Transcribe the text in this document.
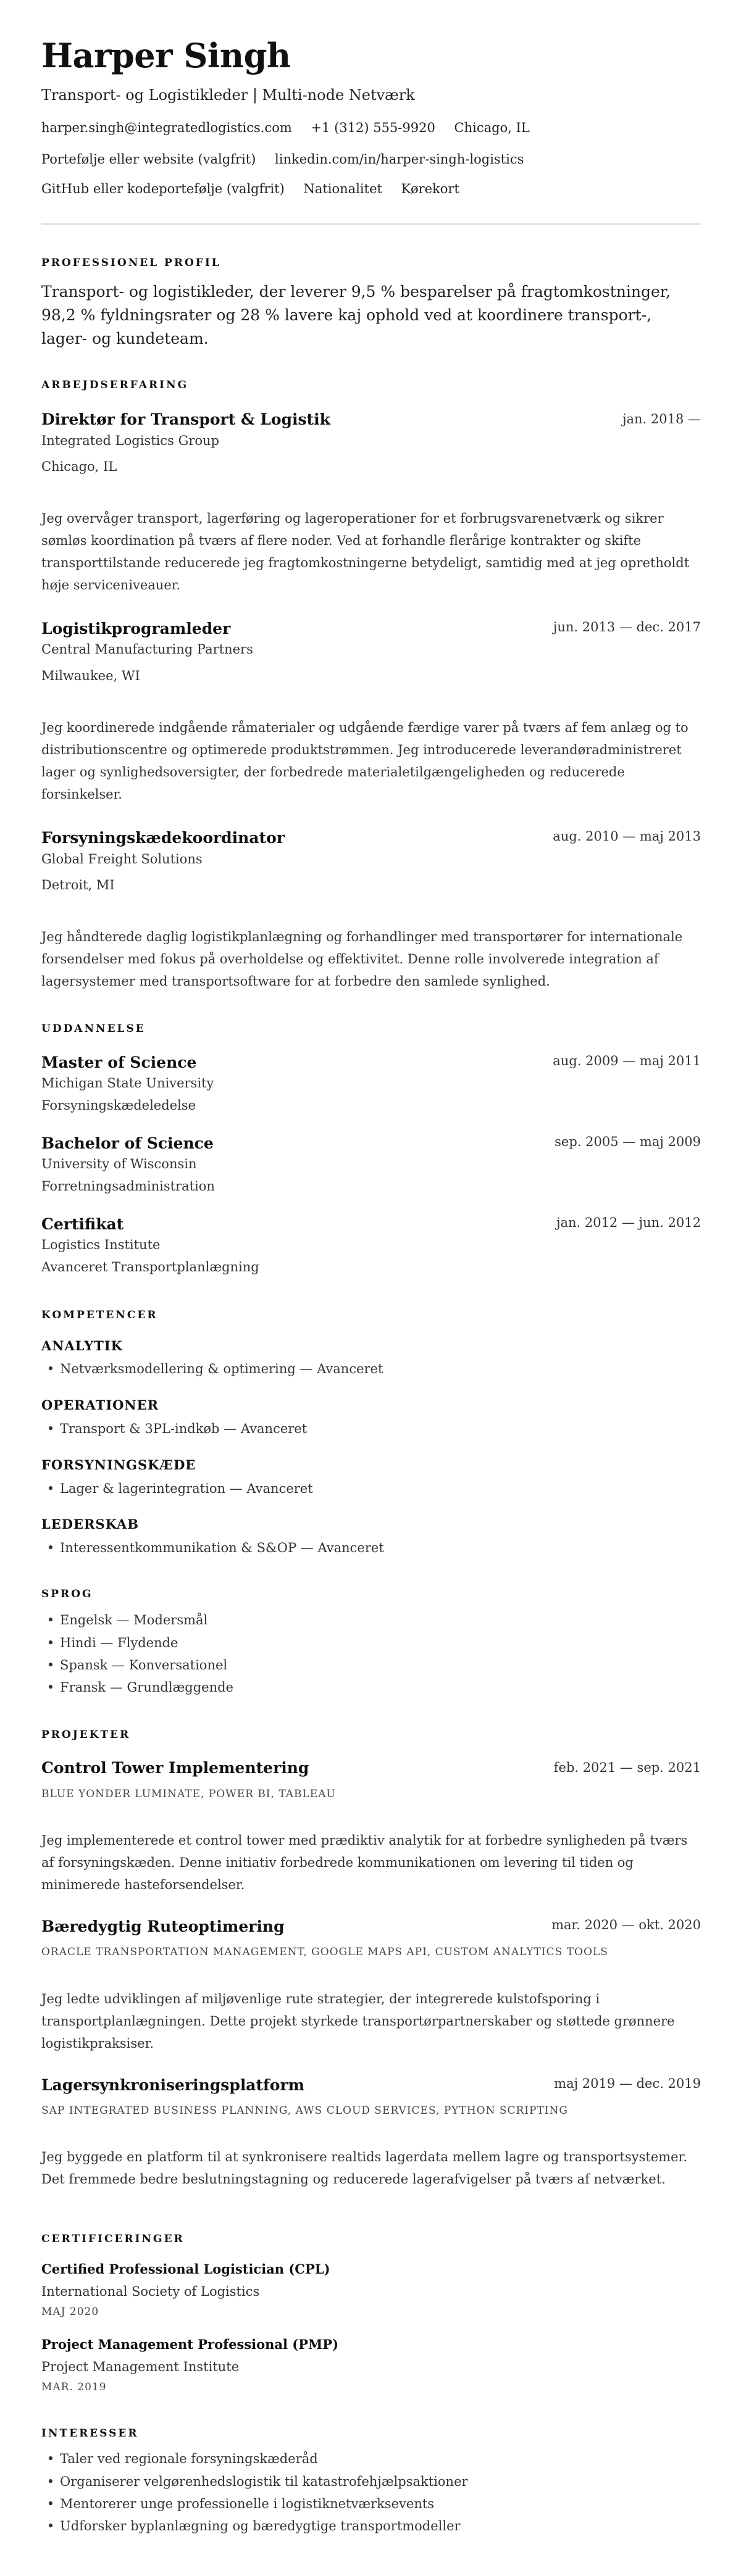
Harper Singh
Transport- og Logistikleder | Multi-node Netværk
harper.singh@integratedlogistics.com +1 (312) 555-9920 Chicago, IL
Portefølje eller website (valgfrit) linkedin.com/in/harper-singh-logistics
GitHub eller kodeportefølje (valgfrit) Nationalitet Kørekort
PROFESSIONEL PROFIL
Transport- og logistikleder, der leverer 9,5 % besparelser på fragtomkostninger, 98,2 % fyldningsrater og 28 % lavere kaj ophold ved at koordinere transport-, lager- og kundeteam.
ARBEJDSERFARING
Direktør for Transport & Logistik	jan. 2018 —
Integrated Logistics Group
Chicago, IL
Jeg overvåger transport, lagerføring og lageroperationer for et forbrugsvarenetværk og sikrer sømløs koordination på tværs af flere noder. Ved at forhandle flerårige kontrakter og skifte transporttilstande reducerede jeg fragtomkostningerne betydeligt, samtidig med at jeg opretholdt høje serviceniveauer.
Logistikprogramleder	jun. 2013 — dec. 2017
Central Manufacturing Partners
Milwaukee, WI
Jeg koordinerede indgående råmaterialer og udgående færdige varer på tværs af fem anlæg og to distributionscentre og optimerede produktstrømmen. Jeg introducerede leverandøradministreret lager og synlighedsoversigter, der forbedrede materialetilgængeligheden og reducerede forsinkelser.
Forsyningskædekoordinator	aug. 2010 — maj 2013
Global Freight Solutions
Detroit, MI
Jeg håndterede daglig logistikplanlægning og forhandlinger med transportører for internationale forsendelser med fokus på overholdelse og effektivitet. Denne rolle involverede integration af lagersystemer med transportsoftware for at forbedre den samlede synlighed.
UDDANNELSE
Master of Science	aug. 2009 — maj 2011
Michigan State University
Forsyningskædeledelse
Bachelor of Science	sep. 2005 — maj 2009
University of Wisconsin
Forretningsadministration
Certifikat	jan. 2012 — jun. 2012
Logistics Institute
Avanceret Transportplanlægning
KOMPETENCER
ANALYTIK
• Netværksmodellering & optimering — Avanceret
OPERATIONER
• Transport & 3PL-indkøb — Avanceret
FORSYNINGSKÆDE
• Lager & lagerintegration — Avanceret
LEDERSKAB
• Interessentkommunikation & S&OP — Avanceret
SPROG
• Engelsk — Modersmål
• Hindi — Flydende
• Spansk — Konversationel
• Fransk — Grundlæggende
PROJEKTER
Control Tower Implementering	feb. 2021 — sep. 2021
BLUE YONDER LUMINATE, POWER BI, TABLEAU
Jeg implementerede et control tower med prædiktiv analytik for at forbedre synligheden på tværs af forsyningskæden. Denne initiativ forbedrede kommunikationen om levering til tiden og minimerede hasteforsendelser.
Bæredygtig Ruteoptimering	mar. 2020 — okt. 2020
ORACLE TRANSPORTATION MANAGEMENT, GOOGLE MAPS API, CUSTOM ANALYTICS TOOLS
Jeg ledte udviklingen af miljøvenlige rute strategier, der integrerede kulstofsporing i transportplanlægningen. Dette projekt styrkede transportørpartnerskaber og støttede grønnere logistikpraksiser.
Lagersynkroniseringsplatform	maj 2019 — dec. 2019
SAP INTEGRATED BUSINESS PLANNING, AWS CLOUD SERVICES, PYTHON SCRIPTING
Jeg byggede en platform til at synkronisere realtids lagerdata mellem lagre og transportsystemer. Det fremmede bedre beslutningstagning og reducerede lagerafvigelser på tværs af netværket.
CERTIFICERINGER
Certified Professional Logistician (CPL)
International Society of Logistics
MAJ 2020
Project Management Professional (PMP)
Project Management Institute
MAR. 2019
INTERESSER
• Taler ved regionale forsyningskæderåd
• Organiserer velgørenhedslogistik til katastrofehjælpsaktioner
• Mentorerer unge professionelle i logistiknetværksevents
• Udforsker byplanlægning og bæredygtige transportmodeller
